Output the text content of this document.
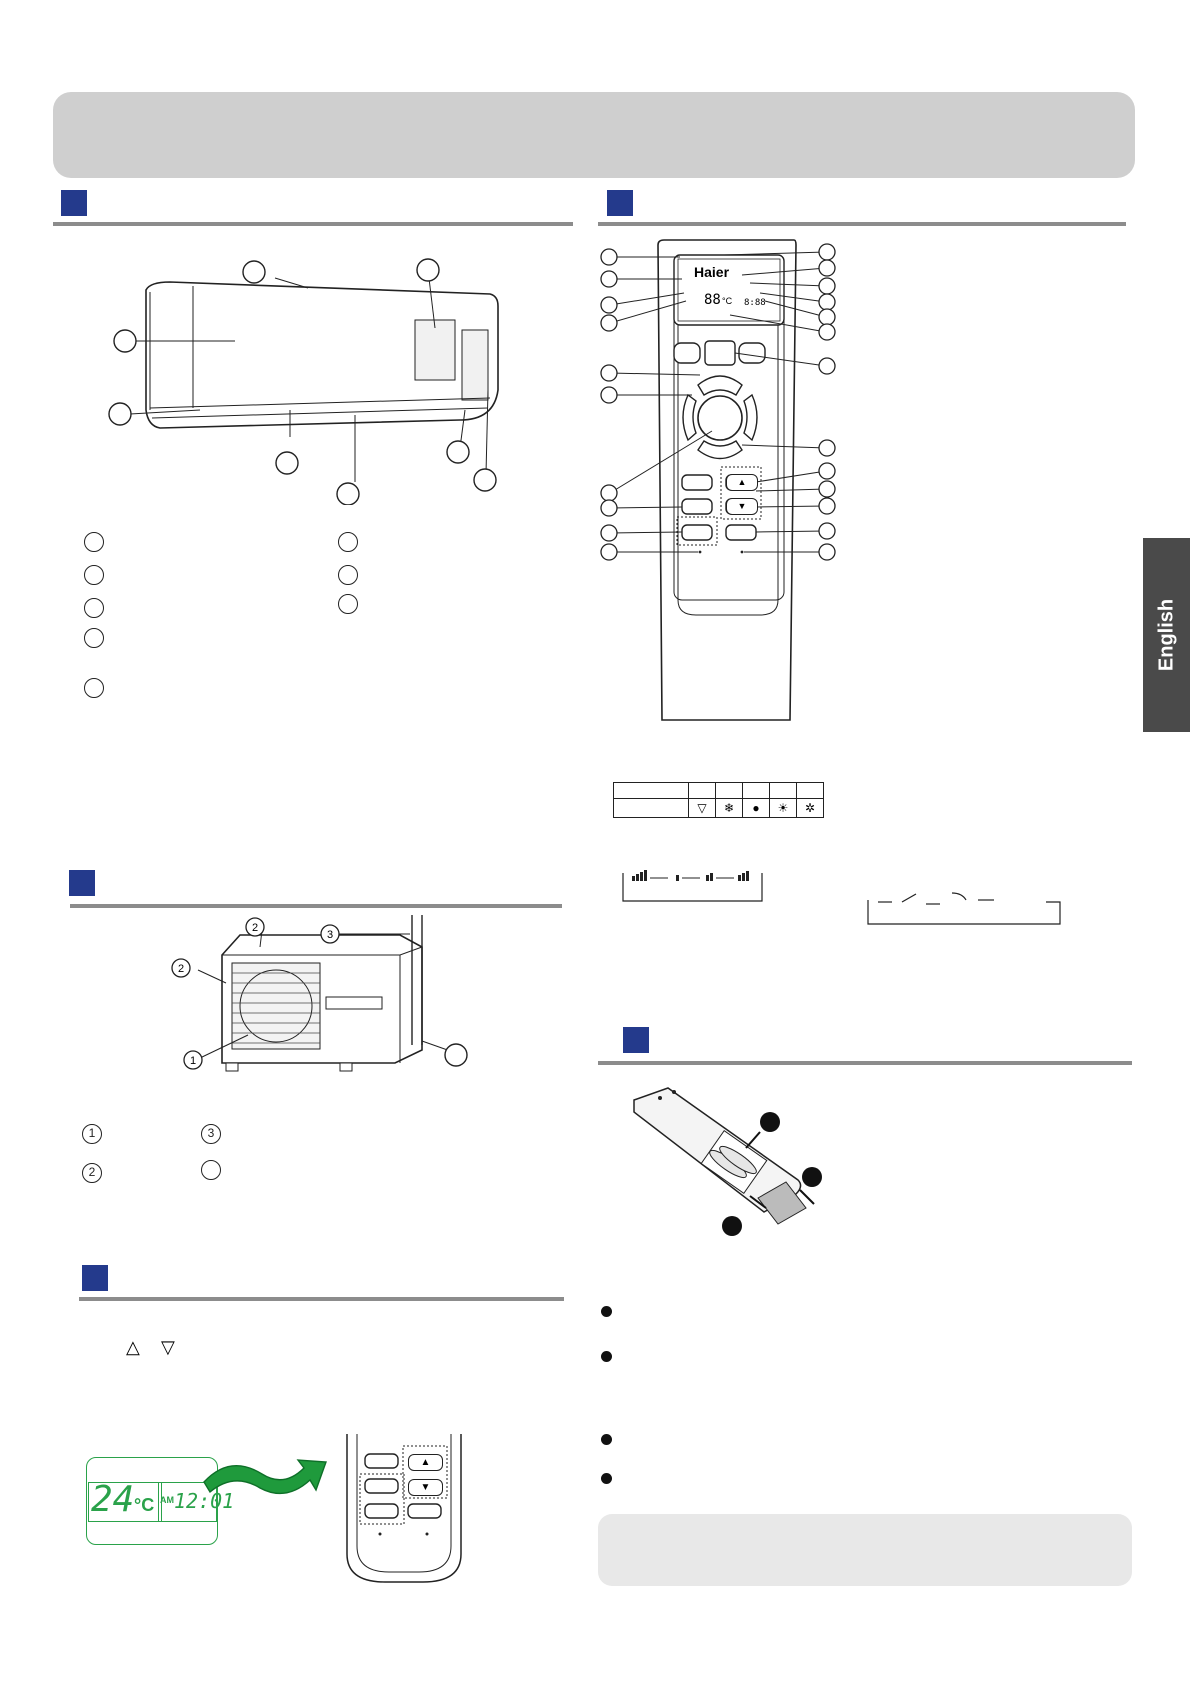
English
2
3
2
1
1
2
3
△ ▽
24 °C AM 12:01
▲
▼
Haier
88 °C 8:88
▲
▼

	▽	❄	●	☀	✲
